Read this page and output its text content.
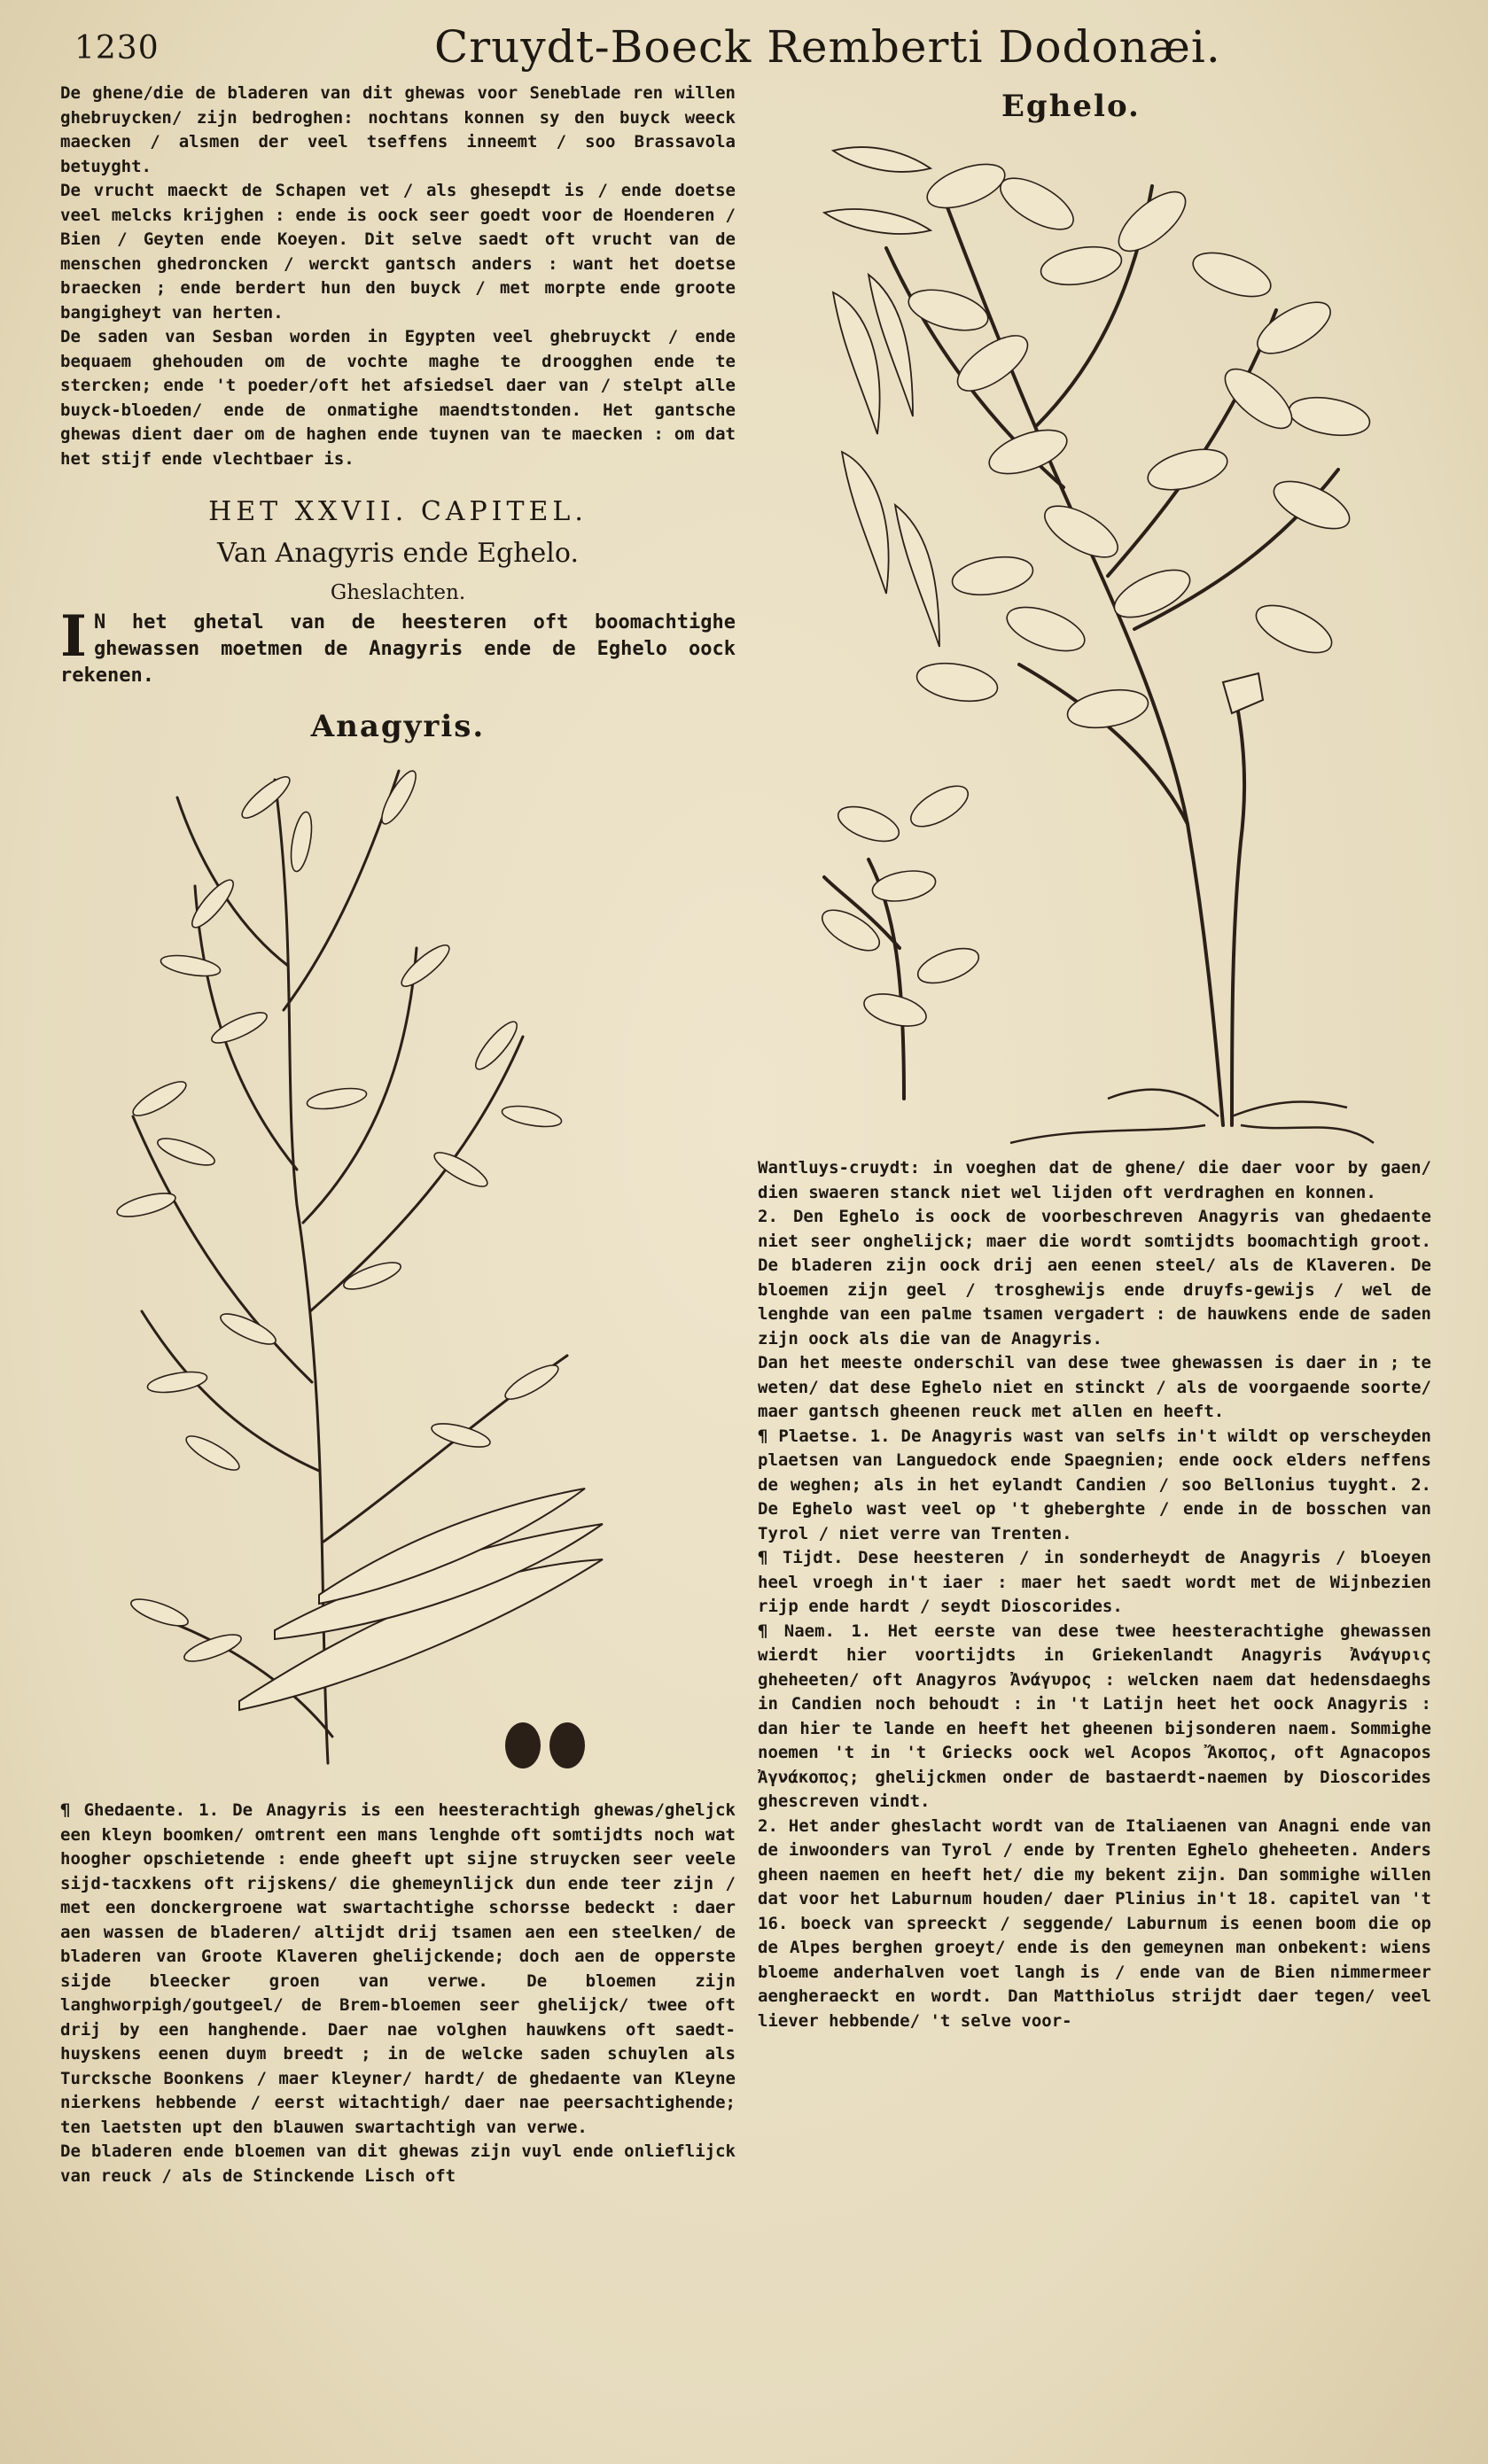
1230	Cruydt-Boeck Remberti Dodonæi.

De ghene/die de bladeren van dit ghewas voor Seneblade ren willen ghebruycken/ zijn bedroghen: nochtans konnen sy den buyck weeck maecken / alsmen der veel tseffens inneemt / soo Brassavola betuyght.

De vrucht maeckt de Schapen vet / als ghesepdt is / ende doetse veel melcks krijghen : ende is oock seer goedt voor de Hoenderen / Bien / Geyten ende Koeyen. Dit selve saedt oft vrucht van de menschen ghedroncken / werckt gantsch anders : want het doetse braecken ; ende berdert hun den buyck / met morpte ende groote bangigheyt van herten.

De saden van Sesban worden in Egypten veel ghebruyckt / ende bequaem ghehouden om de vochte maghe te droogghen ende te stercken; ende 't poeder/oft het afsiedsel daer van / stelpt alle buyck-bloeden/ ende de onmatighe maendtstonden. Het gantsche ghewas dient daer om de haghen ende tuynen van te maecken : om dat het stijf ende vlechtbaer is.

HET XXVII. CAPITEL.
Van Anagyris ende Eghelo.
Gheslachten.
I N het ghetal van de heesteren oft boomachtighe ghewassen moetmen de Anagyris ende de Eghelo oock rekenen.
Anagyris.
Eghelo.

¶ Ghedaente. 1. De Anagyris is een heesterachtigh ghewas/gheljck een kleyn boomken/ omtrent een mans lenghde oft somtijdts noch wat hoogher opschietende : ende gheeft upt sijne struycken seer veele sijd-tacxkens oft rijskens/ die ghemeynlijck dun ende teer zijn / met een donckergroene wat swartachtighe schorsse bedeckt : daer aen wassen de bladeren/ altijdt drij tsamen aen een steelken/ de bladeren van Groote Klaveren ghelijckende; doch aen de opperste sijde bleecker groen van verwe. De bloemen zijn langhworpigh/goutgeel/ de Brem-bloemen seer ghelijck/ twee oft drij by een hanghende. Daer nae volghen hauwkens oft saedt-huyskens eenen duym breedt ; in de welcke saden schuylen als Turcksche Boonkens / maer kleyner/ hardt/ de ghedaente van Kleyne nierkens hebbende / eerst witachtigh/ daer nae peersachtighende; ten laetsten upt den blauwen swartachtigh van verwe.

De bladeren ende bloemen van dit ghewas zijn vuyl ende onlieflijck van reuck / als de Stinckende Lisch oft

Wantluys-cruydt: in voeghen dat de ghene/ die daer voor by gaen/ dien swaeren stanck niet wel lijden oft verdraghen en konnen.

2. Den Eghelo is oock de voorbeschreven Anagyris van ghedaente niet seer onghelijck; maer die wordt somtijdts boomachtigh groot. De bladeren zijn oock drij aen eenen steel/ als de Klaveren. De bloemen zijn geel / trosghewijs ende druyfs-gewijs / wel de lenghde van een palme tsamen vergadert : de hauwkens ende de saden zijn oock als die van de Anagyris.

Dan het meeste onderschil van dese twee ghewassen is daer in ; te weten/ dat dese Eghelo niet en stinckt / als de voorgaende soorte/ maer gantsch gheenen reuck met allen en heeft.

¶ Plaetse. 1. De Anagyris wast van selfs in't wildt op verscheyden plaetsen van Languedock ende Spaegnien; ende oock elders neffens de weghen; als in het eylandt Candien / soo Bellonius tuyght. 2. De Eghelo wast veel op 't gheberghte / ende in de bosschen van Tyrol / niet verre van Trenten.

¶ Tijdt. Dese heesteren / in sonderheydt de Anagyris / bloeyen heel vroegh in't iaer : maer het saedt wordt met de Wijnbezien rijp ende hardt / seydt Dioscorides.

¶ Naem. 1. Het eerste van dese twee heesterachtighe ghewassen wierdt hier voortijdts in Griekenlandt Anagyris Ἀνάγυρις gheheeten/ oft Anagyros Ἀνάγυρος : welcken naem dat hedensdaeghs in Candien noch behoudt : in 't Latijn heet het oock Anagyris : dan hier te lande en heeft het gheenen bijsonderen naem. Sommighe noemen 't in 't Griecks oock wel Acopos Ἄκοπος, oft Agnacopos Ἀγνάκοπος; ghelijckmen onder de bastaerdt-naemen by Dioscorides ghescreven vindt.

2. Het ander gheslacht wordt van de Italiaenen van Anagni ende van de inwoonders van Tyrol / ende by Trenten Eghelo gheheeten. Anders gheen naemen en heeft het/ die my bekent zijn. Dan sommighe willen dat voor het Laburnum houden/ daer Plinius in't 18. capitel van 't 16. boeck van spreeckt / seggende/ Laburnum is eenen boom die op de Alpes berghen groeyt/ ende is den gemeynen man onbekent: wiens bloeme anderhalven voet langh is / ende van de Bien nimmermeer aengheraeckt en wordt. Dan Matthiolus strijdt daer tegen/ veel liever hebbende/ 't selve voor-
